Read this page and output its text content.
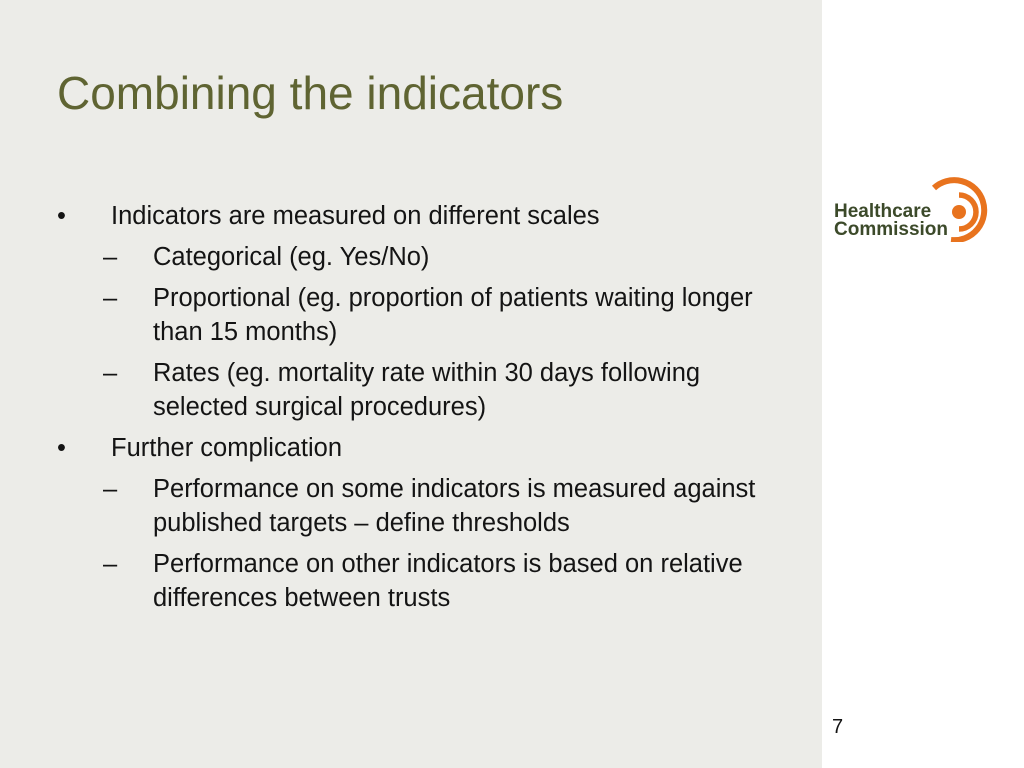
Combining the indicators
• Indicators are measured on different scales
– Categorical (eg. Yes/No)
– Proportional (eg. proportion of patients waiting longer than 15 months)
– Rates (eg. mortality rate within 30 days following selected surgical procedures)
• Further complication
– Performance on some indicators is measured against published targets – define thresholds
– Performance on other indicators is based on relative differences between trusts
Healthcare
Commission
7
